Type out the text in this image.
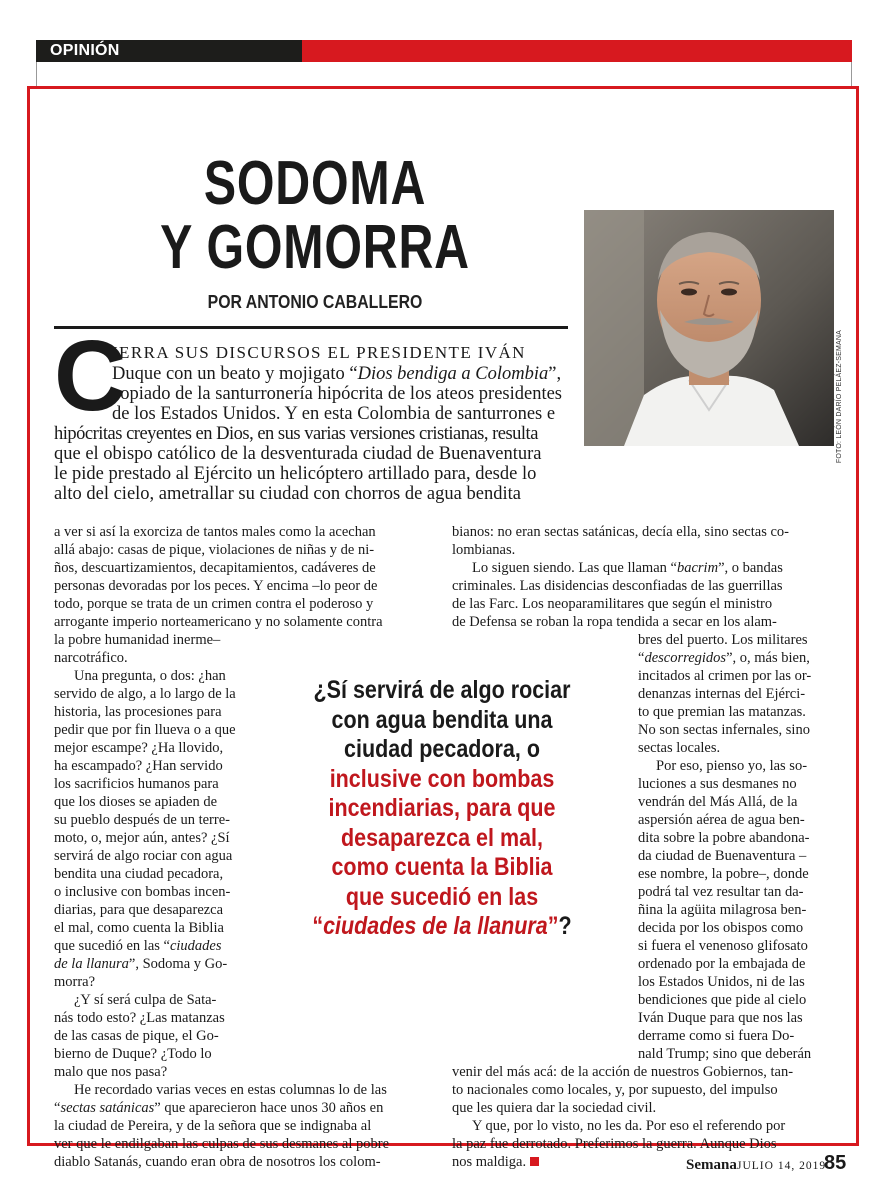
OPINIÓN
SODOMA
Y GOMORRA
POR ANTONIO CABALLERO
FOTO: LEÓN DARÍO PELÁEZ-SEMANA
C
IERRA SUS DISCURSOS EL PRESIDENTE IVÁN
Duque con un beato y mojigato “Dios bendiga a Colombia”,
copiado de la santurronería hipócrita de los ateos presidentes
de los Estados Unidos. Y en esta Colombia de santurrones e
hipócritas creyentes en Dios, en sus varias versiones cristianas, resulta
que el obispo católico de la desventurada ciudad de Buenaventura
le pide prestado al Ejército un helicóptero artillado para, desde lo
alto del cielo, ametrallar su ciudad con chorros de agua bendita
a ver si así la exorciza de tantos males como la acechan
allá abajo: casas de pique, violaciones de niñas y de ni-
ños, descuartizamientos, decapitamientos, cadáveres de
personas devoradas por los peces. Y encima –lo peor de
todo, porque se trata de un crimen contra el poderoso y
arrogante imperio norteamericano y no solamente contra
la pobre humanidad inerme–
narcotráfico.
Una pregunta, o dos: ¿han
servido de algo, a lo largo de la
historia, las procesiones para
pedir que por fin llueva o a que
mejor escampe? ¿Ha llovido,
ha escampado? ¿Han servido
los sacrificios humanos para
que los dioses se apiaden de
su pueblo después de un terre-
moto, o, mejor aún, antes? ¿Sí
servirá de algo rociar con agua
bendita una ciudad pecadora,
o inclusive con bombas incen-
diarias, para que desaparezca
el mal, como cuenta la Biblia
que sucedió en las “ciudades
de la llanura”, Sodoma y Go-
morra?
¿Y sí será culpa de Sata-
nás todo esto? ¿Las matanzas
de las casas de pique, el Go-
bierno de Duque? ¿Todo lo
malo que nos pasa?
He recordado varias veces en estas columnas lo de las
“sectas satánicas” que aparecieron hace unos 30 años en
la ciudad de Pereira, y de la señora que se indignaba al
ver que le endilgaban las culpas de sus desmanes al pobre
diablo Satanás, cuando eran obra de nosotros los colom-
bianos: no eran sectas satánicas, decía ella, sino sectas co-
lombianas.
Lo siguen siendo. Las que llaman “bacrim”, o bandas
criminales. Las disidencias desconfiadas de las guerrillas
de las Farc. Los neoparamilitares que según el ministro
de Defensa se roban la ropa tendida a secar en los alam-
bres del puerto. Los militares
“descorregidos”, o, más bien,
incitados al crimen por las or-
denanzas internas del Ejérci-
to que premian las matanzas.
No son sectas infernales, sino
sectas locales.
Por eso, pienso yo, las so-
luciones a sus desmanes no
vendrán del Más Allá, de la
aspersión aérea de agua ben-
dita sobre la pobre abandona-
da ciudad de Buenaventura –
ese nombre, la pobre–, donde
podrá tal vez resultar tan da-
ñina la agüita milagrosa ben-
decida por los obispos como
si fuera el venenoso glifosato
ordenado por la embajada de
los Estados Unidos, ni de las
bendiciones que pide al cielo
Iván Duque para que nos las
derrame como si fuera Do-
nald Trump; sino que deberán
venir del más acá: de la acción de nuestros Gobiernos, tan-
to nacionales como locales, y, por supuesto, del impulso
que les quiera dar la sociedad civil.
Y que, por lo visto, no les da. Por eso el referendo por
la paz fue derrotado. Preferimos la guerra. Aunque Dios
nos maldiga.
¿Sí servirá de algo rociar con agua bendita una ciudad pecadora, o inclusive con bombas incendiarias, para que desaparezca el mal, como cuenta la Biblia que sucedió en las “ciudades de la llanura”?
Semana JULIO 14, 2019
85
